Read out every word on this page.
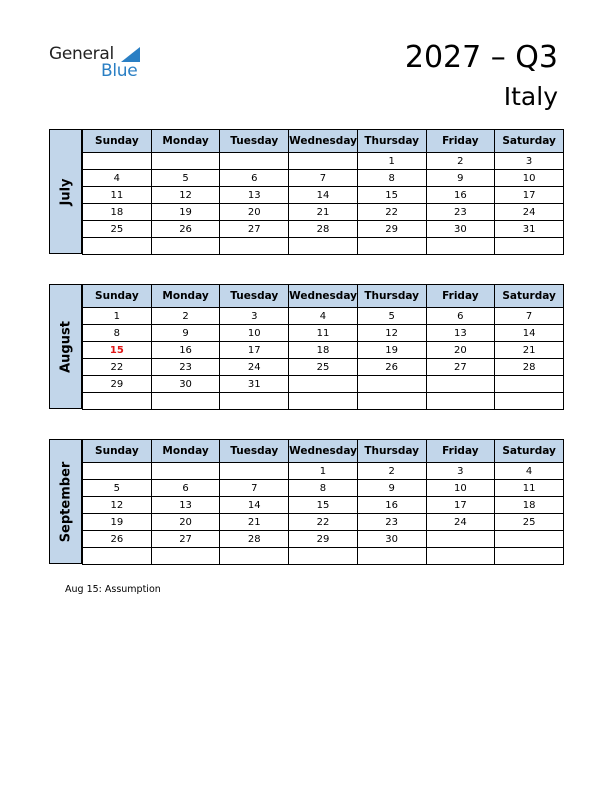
General
Blue	2027 – Q3
Italy
July
Sunday	Monday	Tuesday	Wednesday	Thursday	Friday	Saturday
				1	2	3
4	5	6	7	8	9	10
11	12	13	14	15	16	17
18	19	20	21	22	23	24
25	26	27	28	29	30	31

August
Sunday	Monday	Tuesday	Wednesday	Thursday	Friday	Saturday
1	2	3	4	5	6	7
8	9	10	11	12	13	14
15	16	17	18	19	20	21
22	23	24	25	26	27	28
29	30	31				

September
Sunday	Monday	Tuesday	Wednesday	Thursday	Friday	Saturday
			1	2	3	4
5	6	7	8	9	10	11
12	13	14	15	16	17	18
19	20	21	22	23	24	25
26	27	28	29	30		

Aug 15: Assumption
